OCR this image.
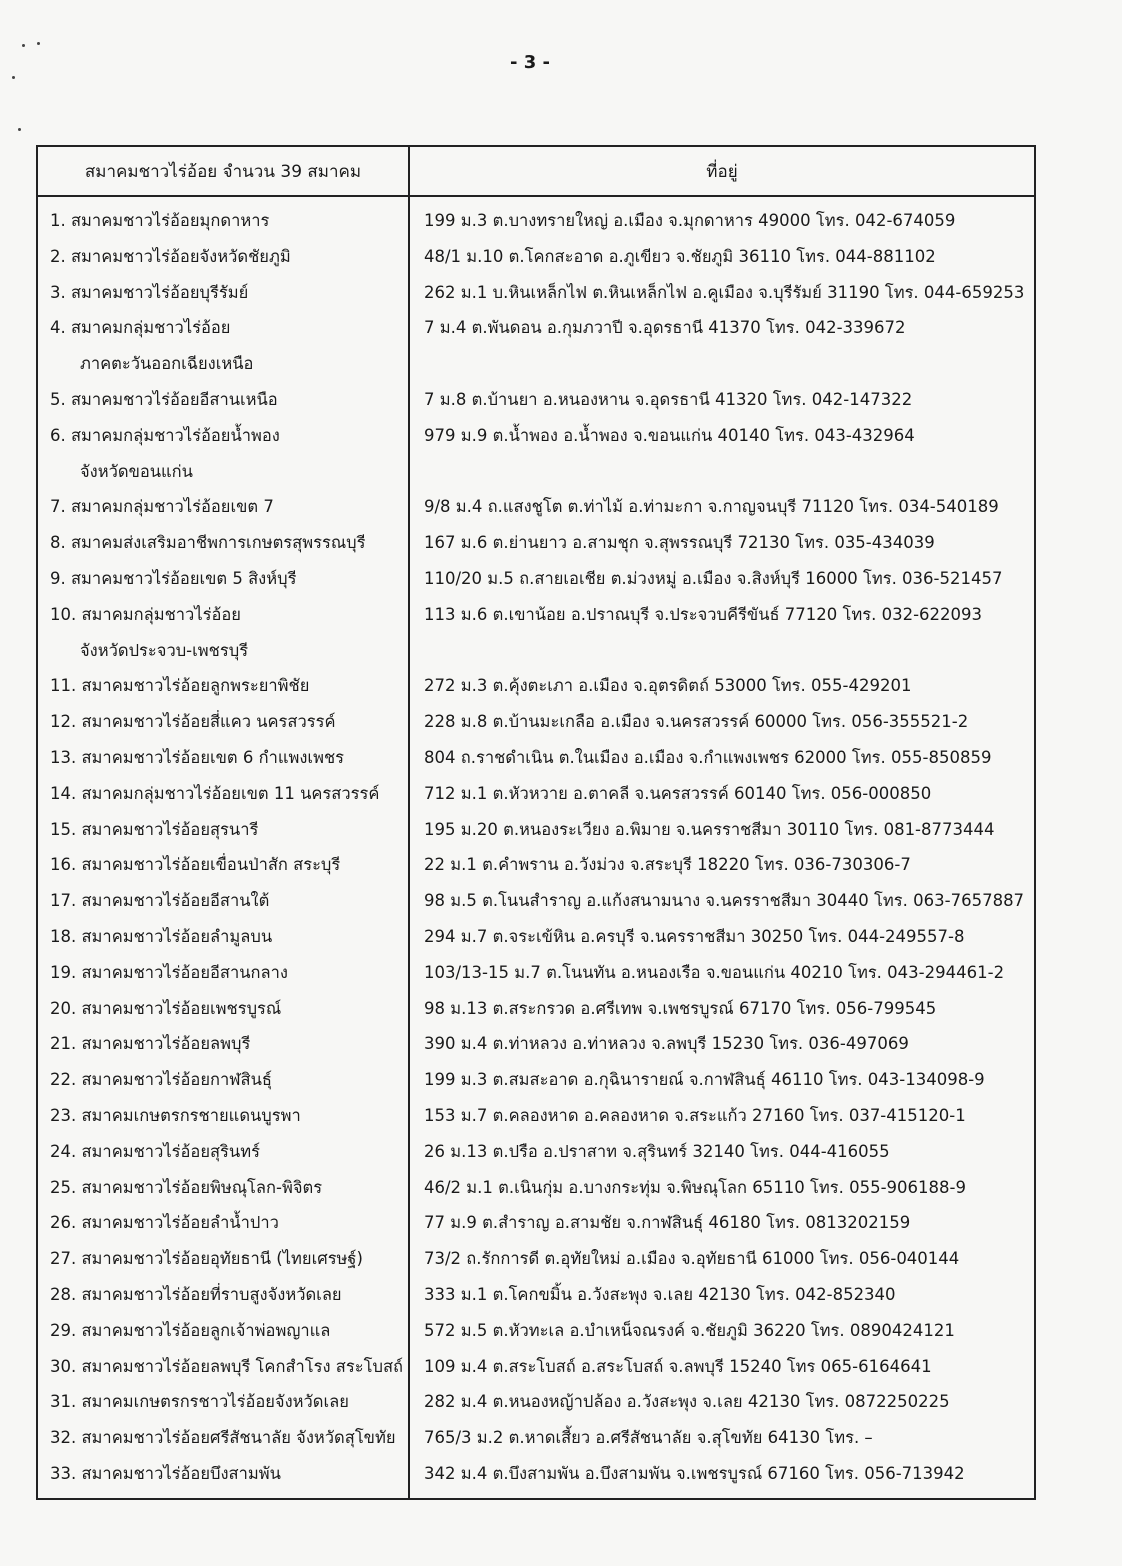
- 3 -
สมาคมชาวไร่อ้อย จำนวน 39 สมาคม	ที่อยู่
1. สมาคมชาวไร่อ้อยมุกดาหาร
2. สมาคมชาวไร่อ้อยจังหวัดชัยภูมิ
3. สมาคมชาวไร่อ้อยบุรีรัมย์
4. สมาคมกลุ่มชาวไร่อ้อย
ภาคตะวันออกเฉียงเหนือ
5. สมาคมชาวไร่อ้อยอีสานเหนือ
6. สมาคมกลุ่มชาวไร่อ้อยน้ำพอง
จังหวัดขอนแก่น
7. สมาคมกลุ่มชาวไร่อ้อยเขต 7
8. สมาคมส่งเสริมอาชีพการเกษตรสุพรรณบุรี
9. สมาคมชาวไร่อ้อยเขต 5 สิงห์บุรี
10. สมาคมกลุ่มชาวไร่อ้อย
จังหวัดประจวบ-เพชรบุรี
11. สมาคมชาวไร่อ้อยลูกพระยาพิชัย
12. สมาคมชาวไร่อ้อยสี่แคว นครสวรรค์
13. สมาคมชาวไร่อ้อยเขต 6 กำแพงเพชร
14. สมาคมกลุ่มชาวไร่อ้อยเขต 11 นครสวรรค์
15. สมาคมชาวไร่อ้อยสุรนารี
16. สมาคมชาวไร่อ้อยเขื่อนป่าสัก สระบุรี
17. สมาคมชาวไร่อ้อยอีสานใต้
18. สมาคมชาวไร่อ้อยลำมูลบน
19. สมาคมชาวไร่อ้อยอีสานกลาง
20. สมาคมชาวไร่อ้อยเพชรบูรณ์
21. สมาคมชาวไร่อ้อยลพบุรี
22. สมาคมชาวไร่อ้อยกาฬสินธุ์
23. สมาคมเกษตรกรชายแดนบูรพา
24. สมาคมชาวไร่อ้อยสุรินทร์
25. สมาคมชาวไร่อ้อยพิษณุโลก-พิจิตร
26. สมาคมชาวไร่อ้อยลำน้ำปาว
27. สมาคมชาวไร่อ้อยอุทัยธานี (ไทยเศรษฐ์)
28. สมาคมชาวไร่อ้อยที่ราบสูงจังหวัดเลย
29. สมาคมชาวไร่อ้อยลูกเจ้าพ่อพญาแล
30. สมาคมชาวไร่อ้อยลพบุรี โคกสำโรง สระโบสถ์
31. สมาคมเกษตรกรชาวไร่อ้อยจังหวัดเลย
32. สมาคมชาวไร่อ้อยศรีสัชนาลัย จังหวัดสุโขทัย
33. สมาคมชาวไร่อ้อยบึงสามพัน
199 ม.3 ต.บางทรายใหญ่ อ.เมือง จ.มุกดาหาร 49000 โทร. 042-674059
48/1 ม.10 ต.โคกสะอาด อ.ภูเขียว จ.ชัยภูมิ 36110 โทร. 044-881102
262 ม.1 บ.หินเหล็กไฟ ต.หินเหล็กไฟ อ.คูเมือง จ.บุรีรัมย์ 31190 โทร. 044-659253
7 ม.4 ต.พันดอน อ.กุมภวาปี จ.อุดรธานี 41370 โทร. 042-339672
7 ม.8 ต.บ้านยา อ.หนองหาน จ.อุดรธานี 41320 โทร. 042-147322
979 ม.9 ต.น้ำพอง อ.น้ำพอง จ.ขอนแก่น 40140 โทร. 043-432964
9/8 ม.4 ถ.แสงชูโต ต.ท่าไม้ อ.ท่ามะกา จ.กาญจนบุรี 71120 โทร. 034-540189
167 ม.6 ต.ย่านยาว อ.สามชุก จ.สุพรรณบุรี 72130 โทร. 035-434039
110/20 ม.5 ถ.สายเอเชีย ต.ม่วงหมู่ อ.เมือง จ.สิงห์บุรี 16000 โทร. 036-521457
113 ม.6 ต.เขาน้อย อ.ปราณบุรี จ.ประจวบคีรีขันธ์ 77120 โทร. 032-622093
272 ม.3 ต.คุ้งตะเภา อ.เมือง จ.อุตรดิตถ์ 53000 โทร. 055-429201
228 ม.8 ต.บ้านมะเกลือ อ.เมือง จ.นครสวรรค์ 60000 โทร. 056-355521-2
804 ถ.ราชดำเนิน ต.ในเมือง อ.เมือง จ.กำแพงเพชร 62000 โทร. 055-850859
712 ม.1 ต.หัวหวาย อ.ตาคลี จ.นครสวรรค์ 60140 โทร. 056-000850
195 ม.20 ต.หนองระเวียง อ.พิมาย จ.นครราชสีมา 30110 โทร. 081-8773444
22 ม.1 ต.คำพราน อ.วังม่วง จ.สระบุรี 18220 โทร. 036-730306-7
98 ม.5 ต.โนนสำราญ อ.แก้งสนามนาง จ.นครราชสีมา 30440 โทร. 063-7657887
294 ม.7 ต.จระเข้หิน อ.ครบุรี จ.นครราชสีมา 30250 โทร. 044-249557-8
103/13-15 ม.7 ต.โนนทัน อ.หนองเรือ จ.ขอนแก่น 40210 โทร. 043-294461-2
98 ม.13 ต.สระกรวด อ.ศรีเทพ จ.เพชรบูรณ์ 67170 โทร. 056-799545
390 ม.4 ต.ท่าหลวง อ.ท่าหลวง จ.ลพบุรี 15230 โทร. 036-497069
199 ม.3 ต.สมสะอาด อ.กุฉินารายณ์ จ.กาฬสินธุ์ 46110 โทร. 043-134098-9
153 ม.7 ต.คลองหาด อ.คลองหาด จ.สระแก้ว 27160 โทร. 037-415120-1
26 ม.13 ต.ปรือ อ.ปราสาท จ.สุรินทร์ 32140 โทร. 044-416055
46/2 ม.1 ต.เนินกุ่ม อ.บางกระทุ่ม จ.พิษณุโลก 65110 โทร. 055-906188-9
77 ม.9 ต.สำราญ อ.สามชัย จ.กาฬสินธุ์ 46180 โทร. 0813202159
73/2 ถ.รักการดี ต.อุทัยใหม่ อ.เมือง จ.อุทัยธานี 61000 โทร. 056-040144
333 ม.1 ต.โคกขมิ้น อ.วังสะพุง จ.เลย 42130 โทร. 042-852340
572 ม.5 ต.หัวทะเล อ.บำเหน็จณรงค์ จ.ชัยภูมิ 36220 โทร. 0890424121
109 ม.4 ต.สระโบสถ์ อ.สระโบสถ์ จ.ลพบุรี 15240 โทร 065-6164641
282 ม.4 ต.หนองหญ้าปล้อง อ.วังสะพุง จ.เลย 42130 โทร. 0872250225
765/3 ม.2 ต.หาดเสี้ยว อ.ศรีสัชนาลัย จ.สุโขทัย 64130 โทร. –
342 ม.4 ต.บึงสามพัน อ.บึงสามพัน จ.เพชรบูรณ์ 67160 โทร. 056-713942
